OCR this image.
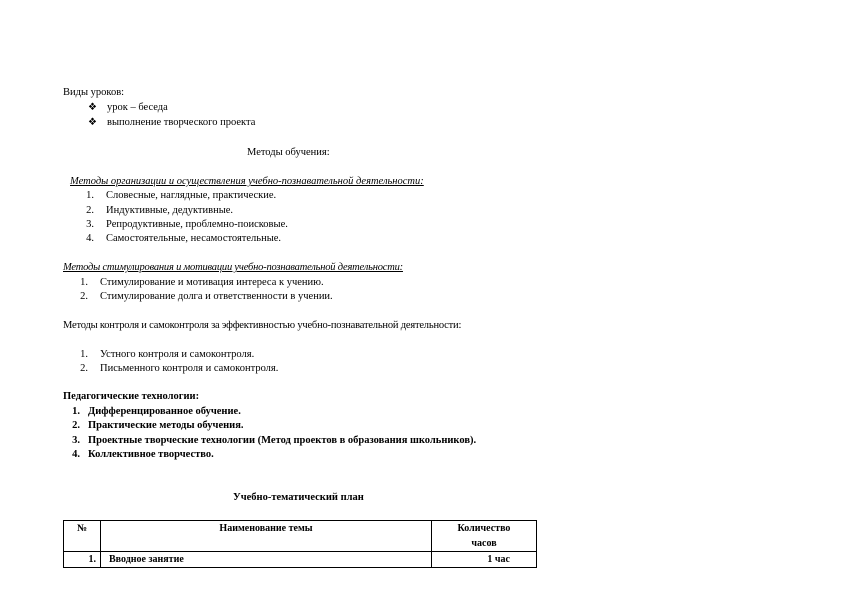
Виды уроков:
❖ урок – беседа
❖ выполнение творческого проекта
Методы обучения:
Методы организации и осуществления учебно-познавательной деятельности:
1. Словесные, наглядные, практические.
2. Индуктивные, дедуктивные.
3. Репродуктивные, проблемно-поисковые.
4. Самостоятельные, несамостоятельные.
Методы стимулирования и мотивации учебно-познавательной деятельности:
1. Стимулирование и мотивация интереса к учению.
2. Стимулирование долга и ответственности в учении.
Методы контроля и самоконтроля за эффективностью учебно-познавательной деятельности:
1. Устного контроля и самоконтроля.
2. Письменного контроля и самоконтроля.
Педагогические технологии:
1. Дифференцированное обучение.
2. Практические методы обучения.
3. Проектные творческие технологии (Метод проектов в образования школьников).
4. Коллективное творчество.
Учебно-тематический план
№	Наименование темы	Количество
часов

1.	Вводное занятие	1 час
